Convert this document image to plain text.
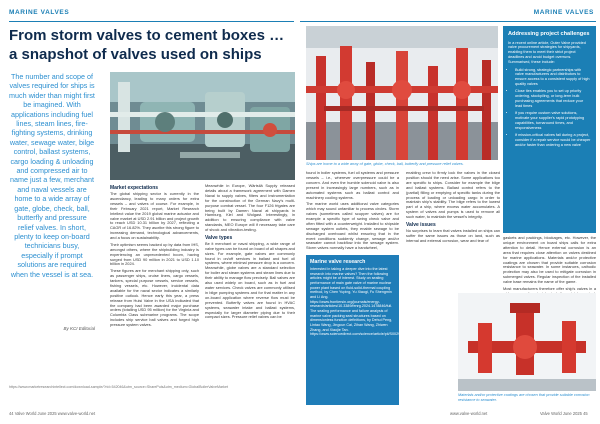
MARINE VALVES
From storm valves to cement boxes …
a snapshot of valves used on ships

The number and scope of valves required for ships is much wider than might first be imagined. With applications including fuel lines, steam lines, fire-fighting systems, drinking water, sewage water, bilge control, ballast systems, cargo loading & unloading and compressed air to name just a few, merchant and naval vessels are home to a wide array of gate, globe, check, ball, butterfly and pressure relief valves. In short, plenty to keep on-board technicians busy, especially if prompt solutions are required when the vessel is at sea.

By KCI Editorial
Market expectations

The global shipping sector is currently in the ascendancy, leading to many orders for extra vessels – and valves of course. For example, in their February 2021 report, Market Research Intellect value the 2019 global marine actuator and valve market at USD 2.91 billion and project growth to reach USD 10.31 billion by 2027, reflecting a CAGR of 16.82%. They ascribe this strong figure to increasing demand, technological advancements, and a focus on sustainability.

Their optimism seems backed up by data from IHS, amongst others, where the shipbuilding industry is experiencing an unprecedented boom, having surged from USD 90 million in 2021 to USD 1.10 billion in 2024.

These figures are for merchant shipping only, such as passenger ships, cruise liners, cargo vessels, tankers, special purpose vessels, service vessels, fishing vessels, etc. However, incidental data available for the naval sector indicates a similarly positive outlook. Hence early this year, a press release from Huisi Valve in the USA indicated that the company had been awarded major purchase orders (totalling USD 95 million) for the Virginia and Columbia Class submarine programs. The scope includes ship service ball valves and forged high pressure system valves.

Meanwhile in Europe, Wärtsilä Supply released details about a framework agreement with Damen Naval to supply valves, filters and instrumentation for the construction of the German Navy's multi-purpose combat vessel. The four F126 frigates are being built by Damen Naval at shipyards in Hamburg, Kiel and Wolgast. Interestingly, in addition to ensuring compliance with valve standards, MEO Europe will if necessary take care of shock and vibration-testing.

Valve types

Be it merchant or naval shipping, a wide range of valve types can be found on board of all shapes and sizes. For example, gate valves are commonly found in on/off services in ballast and fuel oil systems, where minimal pressure drop is a concern. Meanwhile, globe valves are a standard selection for boiler and steam systems and steam lines due to their ability to manage flow precisely. Ball valves are also used widely on board, such as in fuel and water services. Check valves are commonly utilised in bilge pumping systems and for that matter in any on-board application where reverse flow must be prevented. Butterfly valves are found in HVAC systems, seawater intake and ballast systems, especially for larger diameter piping due to their compact sizes. Pressure relief valves can be

https://www.marketresearchintellect.com/download-sample/?rid=542046&utm_source=SharePuls&utm_medium=GlobalBoilerValveMarket
44 Valve World June 2025 www.valve-world.net
MARINE VALVES
Ships are home to a wide array of gate, globe, check, ball, butterfly and pressure relief valves.

found in boiler systems, fuel oil systems and pressure vessels – i.e., wherever overpressure could be a concern. And even the humble solenoid valve is also present in increasingly large numbers, such as in automated systems such as ballast control and machinery cooling systems.

The marine world uses additional valve categories which may sound unfamiliar to process circles. Storm valves (sometimes called scupper valves) are for example a specific type of swing check valve and often fitted with a counterweight. Installed to shipside sewage system outlets, they enable sewage to be discharged overboard whilst ensuring that in the event conditions suddenly change, sewage and/or seawater cannot backflow into the sewage system. Storm valves normally have a handwheel,

enabling crew to firmly lock the valves in the closed position should the need arise. Some applications too are specific to ships. Consider for example the bilge and ballast systems. Ballast control refers to the (partial) filling or emptying of specific tanks during the process of loading or unloading cargo in order to maintain ship's stability. The bilge refers to the lowest part of a ship, where excess water accumulates. A system of valves and pumps is used to remove all such water, to maintain the vessel's integrity.

Valve issues

No surprises to learn that valves installed on ships can suffer the same issues as those on land, such as internal and external corrosion, wear and tear of

gaskets and packings, blockages, etc. However, the unique environment on board ships calls for extra attention to detail. Hence external corrosion is an area that requires close attention on valves destined for marine applications. Materials and/or protective coatings are chosen that provide suitable corrosion resistance to seawater. In some instances, cathodic protection may also be used to mitigate corrosion in submerged valves. Regular inspection of the installed valve base remains the name of the game.

Most manufacturers therefore offer ship's valves in a

Materials and/or protective coatings are chosen that provide suitable corrosion resistance to seawater.
www.valve-world.net	Valve World June 2025 45
Addressing project challenges

In a recent online article, Outer Valve provided valve procurement strategies for shipyards, enabling them to meet their strict project deadlines and avoid budget overruns. Summarised, these include:

• Build strong, strategic partnerships with valve manufacturers and distributors to ensure access to a consistent supply of high quality valves
• Close ties enables you to set up priority ordering, stockpiling, or long-term bulk purchasing agreements that reduce your lead times
• If you require custom valve solutions, motivate your supplier's rapid prototyping capabilities, turnaround times, and responsiveness
• If mission-critical valves fail during a project, consider if a repair service would be cheaper and/or faster than ordering a new valve
Marine valve research

Interested in taking a deeper dive into the latest research into marine valves? Then the following articles might be of interest. Study on sealing performance of main gate valve of marine nuclear power plant based on fluid-solid-thermal coupling method, by Chen Yuping, Yu Xiaogi, Fu Shengmin and Li Ang. https://www.frontiersin.org/journals/energy-research/articles/10.3389/fenrg.2024.1478846/full. The sealing performance and failure analysis of marine valve packing seal structures based on dimensionless function definitions, by Dehui Peng, Lintao Wang, Jingcun Cai, Zihan Wang, Zhiwen Zhang, and Xiaojie Tan. https://www.sciencedirect.com/science/article/pii/S0029801824021265
